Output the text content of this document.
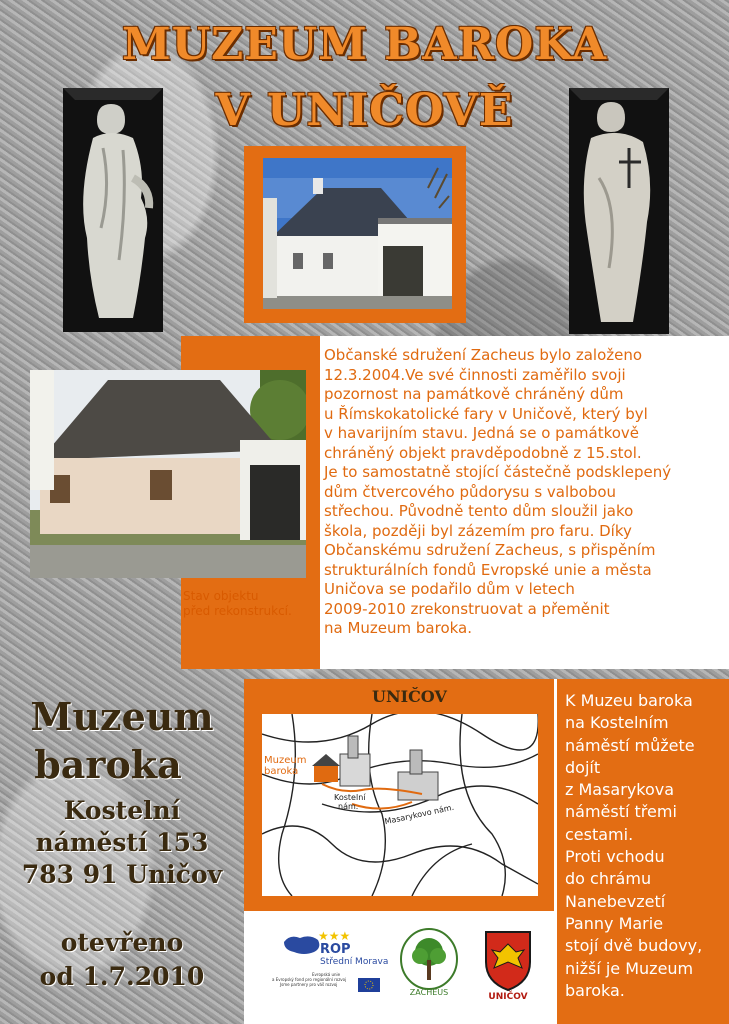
MUZEUM BAROKA
V UNIČOVĚ
Stav objektu
před rekonstrukcí.
Občanské sdružení Zacheus bylo založeno
12.3.2004.Ve své činnosti zaměřilo svoji
pozornost na památkově chráněný dům
u Římskokatolické fary v Uničově, který byl
v havarijním stavu. Jedná se o památkově
chráněný objekt pravděpodobně z 15.stol.
Je to samostatně stojící částečně podsklepený
dům čtvercového půdorysu s valbobou
střechou. Původně tento dům sloužil jako
škola, později byl zázemím pro faru. Díky
Občanskému sdružení Zacheus, s přispěním
strukturálních fondů Evropské unie a města
Uničova se podařilo dům v letech
2009-2010 zrekonstruovat a přeměnit
na Muzeum baroka.
Muzeum
baroka
Kostelní
náměstí 153
783 91 Uničov
otevřeno
od 1.7.2010
UNIČOV
Muzeum
baroka
Kostelní
nám.	Masarykovo nám.
★★★
ROP
Střední Morava
Evropská unie
a Evropský fond pro regionální rozvoj
Jsme partnery pro váš rozvoj
ZACHEUS	UNIČOV
K Muzeu baroka
na Kostelním
náměstí můžete
dojít
z Masarykova
náměstí třemi
cestami.
Proti vchodu
do chrámu
Nanebevzetí
Panny Marie
stojí dvě budovy,
nižší je Muzeum
baroka.
